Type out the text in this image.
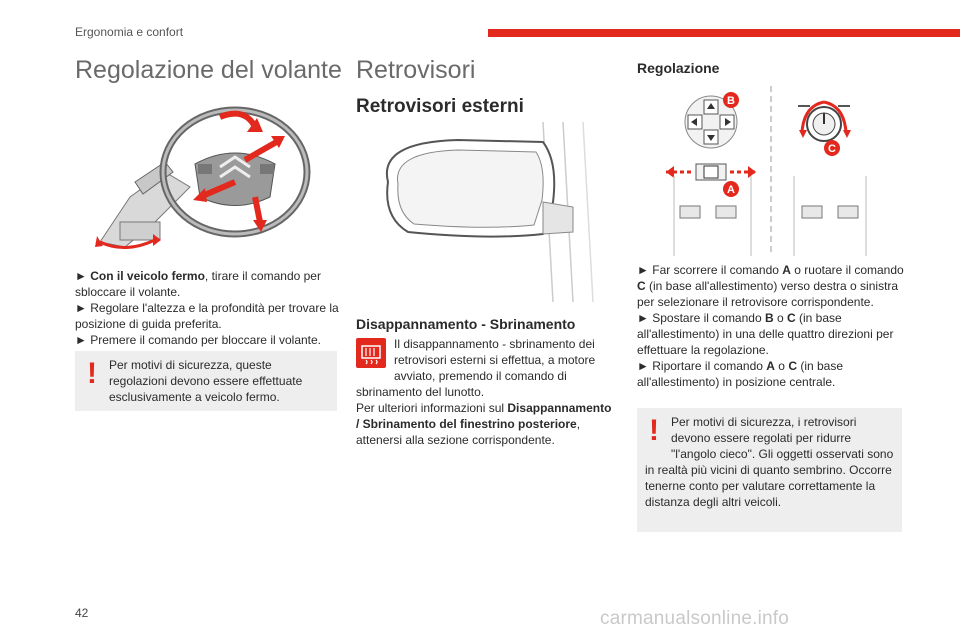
Ergonomia e confort
Regolazione del volante

► Con il veicolo fermo, tirare il comando per sbloccare il volante.

► Regolare l'altezza e la profondità per trovare la posizione di guida preferita.

► Premere il comando per bloccare il volante.

!	Per motivi di sicurezza, queste regolazioni devono essere effettuate esclusivamente a veicolo fermo.
Retrovisori
Retrovisori esterni
Disappannamento - Sbrinamento

Il disappannamento - sbrinamento dei retrovisori esterni si effettua, a motore avviato, premendo il comando di sbrinamento del lunotto.

Per ulteriori informazioni sul Disappannamento / Sbrinamento del finestrino posteriore, attenersi alla sezione corrispondente.

Regolazione
B
A
C

► Far scorrere il comando A o ruotare il comando C (in base all'allestimento) verso destra o sinistra per selezionare il retrovisore corrispondente.

► Spostare il comando B o C (in base all'allestimento) in una delle quattro direzioni per effettuare la regolazione.

► Riportare il comando A o C (in base all'allestimento) in posizione centrale.

!	Per motivi di sicurezza, i retrovisori devono essere regolati per ridurre "l'angolo cieco". Gli oggetti osservati sono in realtà più vicini di quanto sembrino. Occorre tenerne conto per valutare correttamente la distanza degli altri veicoli.
42	carmanualsonline.info
